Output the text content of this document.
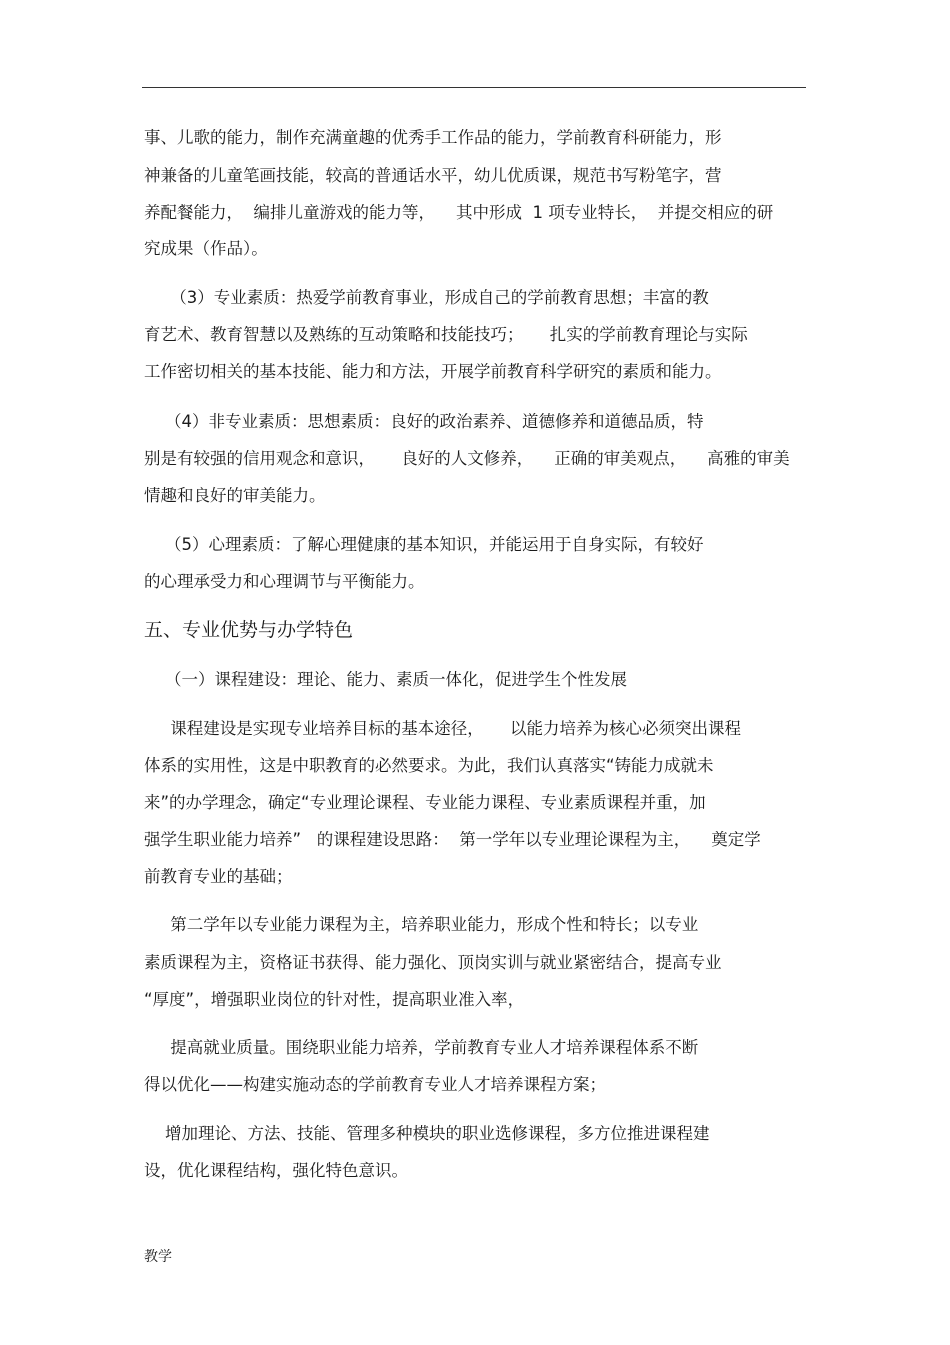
事、儿歌的能力，制作充满童趣的优秀手工作品的能力，学前教育科研能力，形
神兼备的儿童笔画技能，较高的普通话水平，幼儿优质课，规范书写粉笔字，营
养配餐能力，  编排儿童游戏的能力等，    其中形成  1 项专业特长，  并提交相应的研
究成果（作品）。
（3）专业素质：热爱学前教育事业，形成自己的学前教育思想；丰富的教
育艺术、教育智慧以及熟练的互动策略和技能技巧；     扎实的学前教育理论与实际
工作密切相关的基本技能、能力和方法，开展学前教育科学研究的素质和能力。
（4）非专业素质：思想素质：良好的政治素养、道德修养和道德品质，特
别是有较强的信用观念和意识，     良好的人文修养，    正确的审美观点，    高雅的审美
情趣和良好的审美能力。
（5）心理素质：了解心理健康的基本知识，并能运用于自身实际，有较好
的心理承受力和心理调节与平衡能力。
五、专业优势与办学特色
（一）课程建设：理论、能力、素质一体化，促进学生个性发展
课程建设是实现专业培养目标的基本途径，     以能力培养为核心必须突出课程
体系的实用性，这是中职教育的必然要求。为此，我们认真落实“铸能力成就未
来”的办学理念，确定“专业理论课程、专业能力课程、专业素质课程并重，加
强学生职业能力培养”   的课程建设思路：  第一学年以专业理论课程为主，    奠定学
前教育专业的基础；
第二学年以专业能力课程为主，培养职业能力，形成个性和特长；以专业
素质课程为主，资格证书获得、能力强化、顶岗实训与就业紧密结合，提高专业
“厚度”，增强职业岗位的针对性，提高职业准入率，
提高就业质量。围绕职业能力培养，学前教育专业人才培养课程体系不断
得以优化——构建实施动态的学前教育专业人才培养课程方案；
增加理论、方法、技能、管理多种模块的职业选修课程，多方位推进课程建
设，优化课程结构，强化特色意识。
教学
